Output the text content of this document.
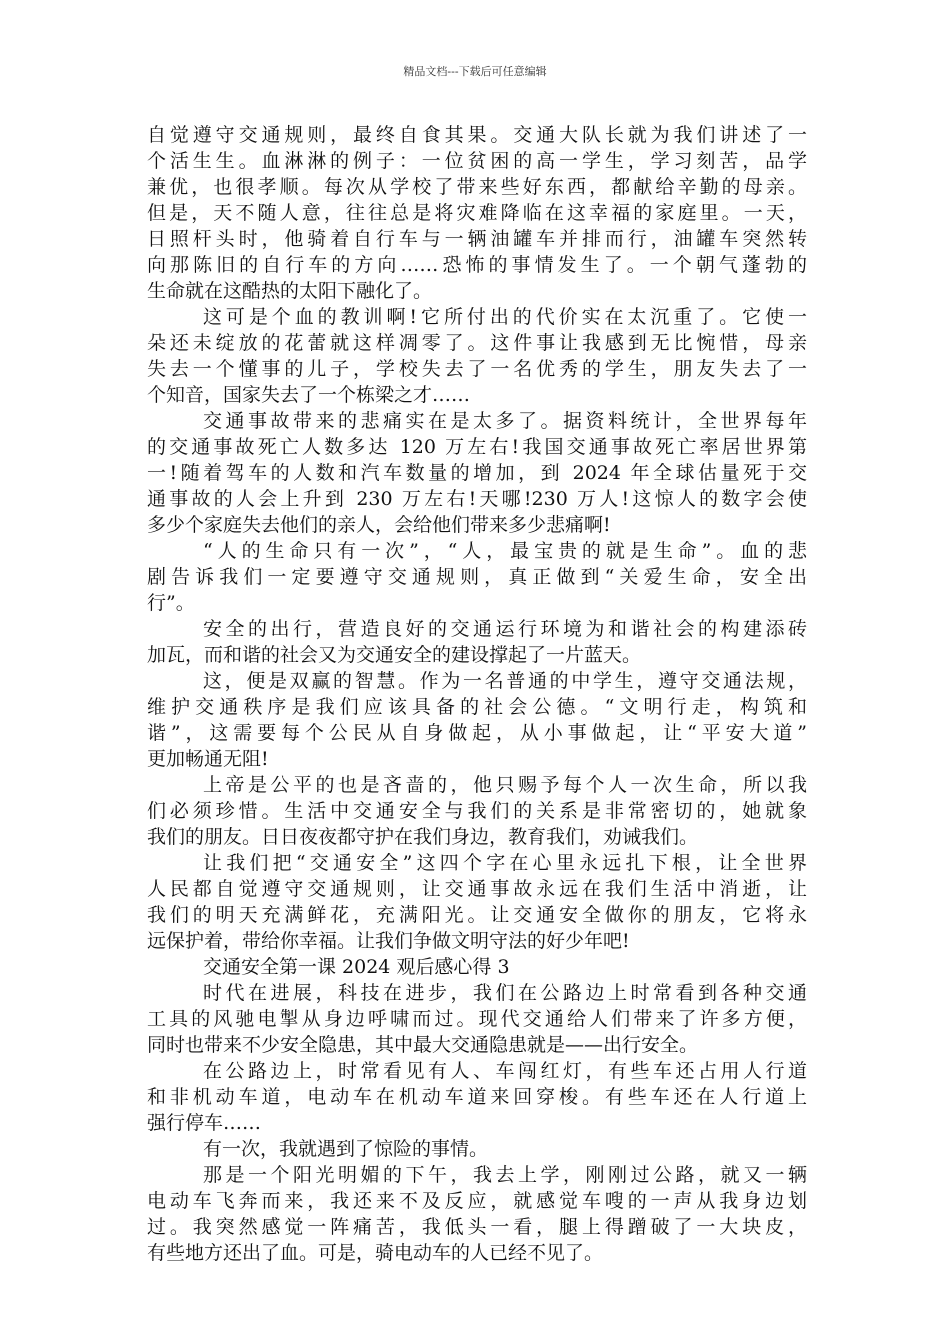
精品文档---下载后可任意编辑
自觉遵守交通规则，最终自食其果。交通大队长就为我们讲述了一
个活生生。血淋淋的例子：一位贫困的高一学生，学习刻苦，品学
兼优，也很孝顺。每次从学校了带来些好东西，都献给辛勤的母亲。
但是，天不随人意，往往总是将灾难降临在这幸福的家庭里。一天，
日照杆头时，他骑着自行车与一辆油罐车并排而行，油罐车突然转
向那陈旧的自行车的方向……恐怖的事情发生了。一个朝气蓬勃的
生命就在这酷热的太阳下融化了。
这可是个血的教训啊!它所付出的代价实在太沉重了。它使一
朵还未绽放的花蕾就这样凋零了。这件事让我感到无比惋惜，母亲
失去一个懂事的儿子，学校失去了一名优秀的学生，朋友失去了一
个知音，国家失去了一个栋梁之才……
交通事故带来的悲痛实在是太多了。据资料统计，全世界每年
的交通事故死亡人数多达 120 万左右!我国交通事故死亡率居世界第
一!随着驾车的人数和汽车数量的增加，到 2024 年全球估量死于交
通事故的人会上升到 230 万左右!天哪!230 万人!这惊人的数字会使
多少个家庭失去他们的亲人，会给他们带来多少悲痛啊!
“人的生命只有一次”，“人，最宝贵的就是生命”。血的悲
剧告诉我们一定要遵守交通规则，真正做到“关爱生命，安全出
行”。
安全的出行，营造良好的交通运行环境为和谐社会的构建添砖
加瓦，而和谐的社会又为交通安全的建设撑起了一片蓝天。
这，便是双赢的智慧。作为一名普通的中学生，遵守交通法规，
维护交通秩序是我们应该具备的社会公德。“文明行走，构筑和
谐”，这需要每个公民从自身做起，从小事做起，让“平安大道”
更加畅通无阻!
上帝是公平的也是吝啬的，他只赐予每个人一次生命，所以我
们必须珍惜。生活中交通安全与我们的关系是非常密切的，她就象
我们的朋友。日日夜夜都守护在我们身边，教育我们，劝诫我们。
让我们把“交通安全”这四个字在心里永远扎下根，让全世界
人民都自觉遵守交通规则，让交通事故永远在我们生活中消逝，让
我们的明天充满鲜花，充满阳光。让交通安全做你的朋友，它将永
远保护着，带给你幸福。让我们争做文明守法的好少年吧!
交通安全第一课 2024 观后感心得 3
时代在进展，科技在进步，我们在公路边上时常看到各种交通
工具的风驰电掣从身边呼啸而过。现代交通给人们带来了许多方便，
同时也带来不少安全隐患，其中最大交通隐患就是——出行安全。
在公路边上，时常看见有人、车闯红灯，有些车还占用人行道
和非机动车道，电动车在机动车道来回穿梭。有些车还在人行道上
强行停车……
有一次，我就遇到了惊险的事情。
那是一个阳光明媚的下午，我去上学，刚刚过公路，就又一辆
电动车飞奔而来，我还来不及反应，就感觉车嗖的一声从我身边划
过。我突然感觉一阵痛苦，我低头一看，腿上得蹭破了一大块皮，
有些地方还出了血。可是，骑电动车的人已经不见了。
